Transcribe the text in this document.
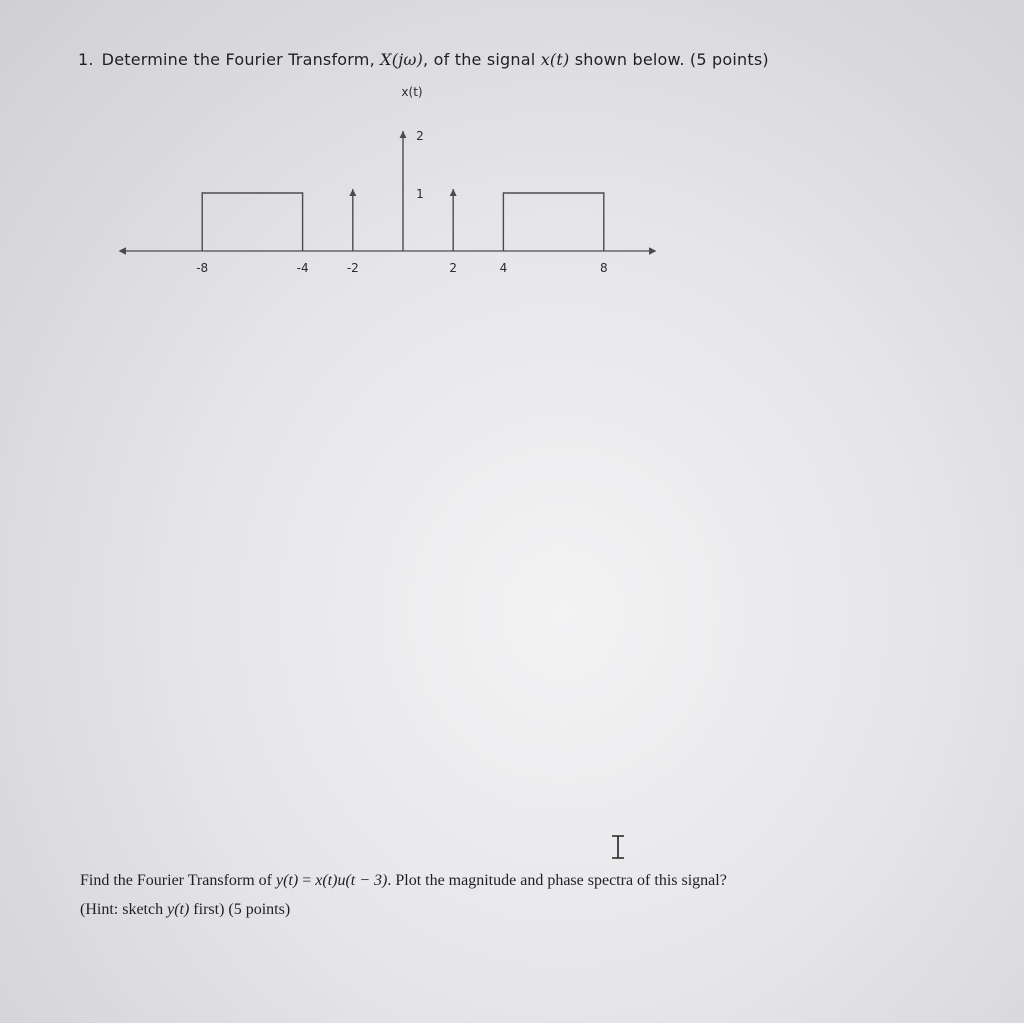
1. Determine the Fourier Transform, X(jω), of the signal x(t) shown below. (5 points)
-8	-4	-2	2	4	8
2
1
x(t)
Find the Fourier Transform of y(t) = x(t)u(t − 3). Plot the magnitude and phase spectra of this signal?
(Hint: sketch y(t) first) (5 points)
